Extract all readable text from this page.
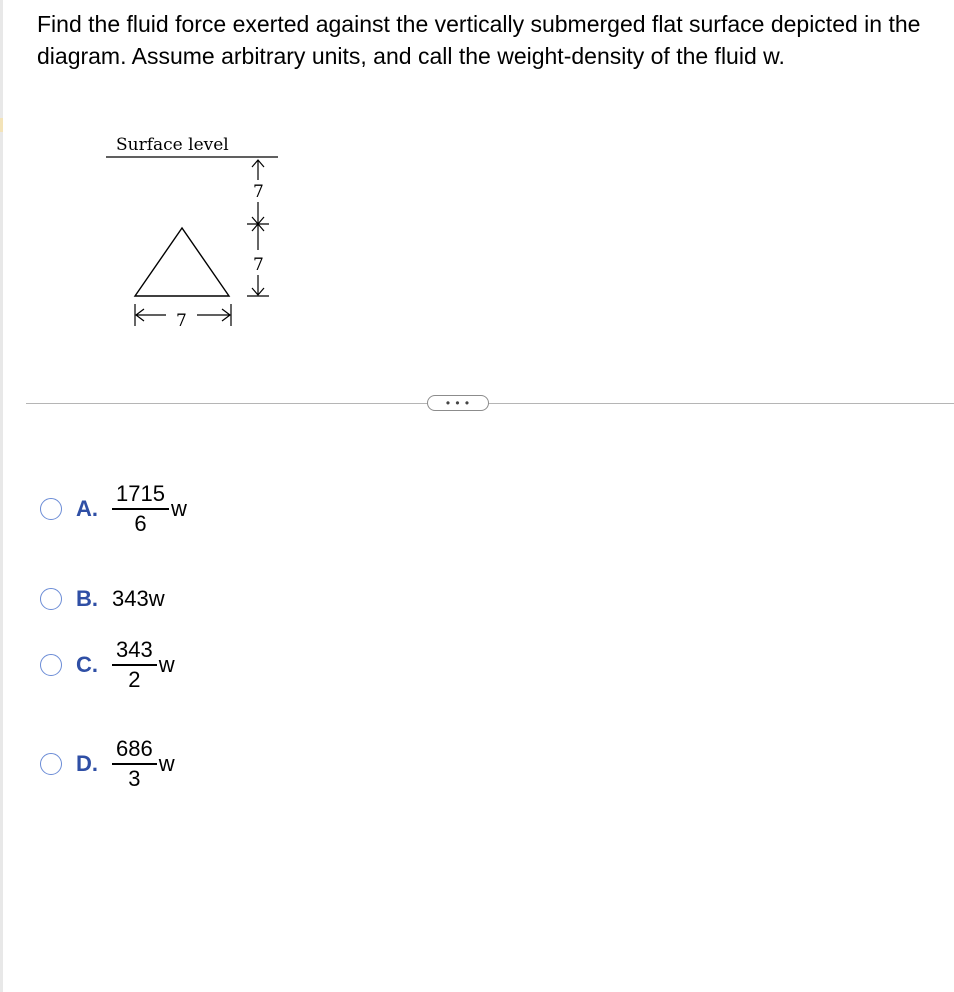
Find the fluid force exerted against the vertically submerged flat surface depicted in the diagram. Assume arbitrary units, and call the weight-density of the fluid w.

Surface level
7
7
7
• • •
A. $\frac{1715}{6}$ w
B. 343w
C. $\frac{343}{2}$ w
D. $\frac{686}{3}$ w
